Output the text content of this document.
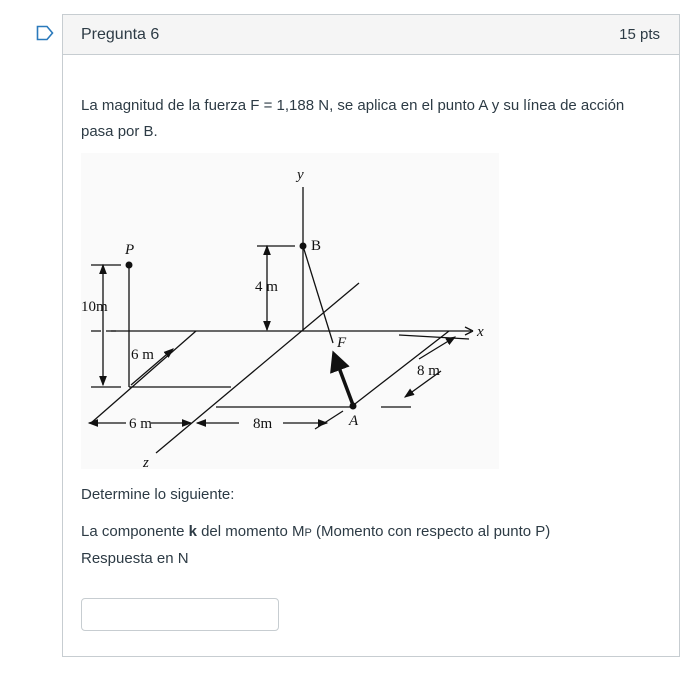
Pregunta 6	15 pts
La magnitud de la fuerza F = 1,188 N, se aplica en el punto A y su línea de acción pasa por B.
y
x
z
P	B
A
F
10m
4 m
6 m
6 m	8m
8 m
Determine lo siguiente:
La componente k del momento MP (Momento con respecto al punto P)
Respuesta en N
